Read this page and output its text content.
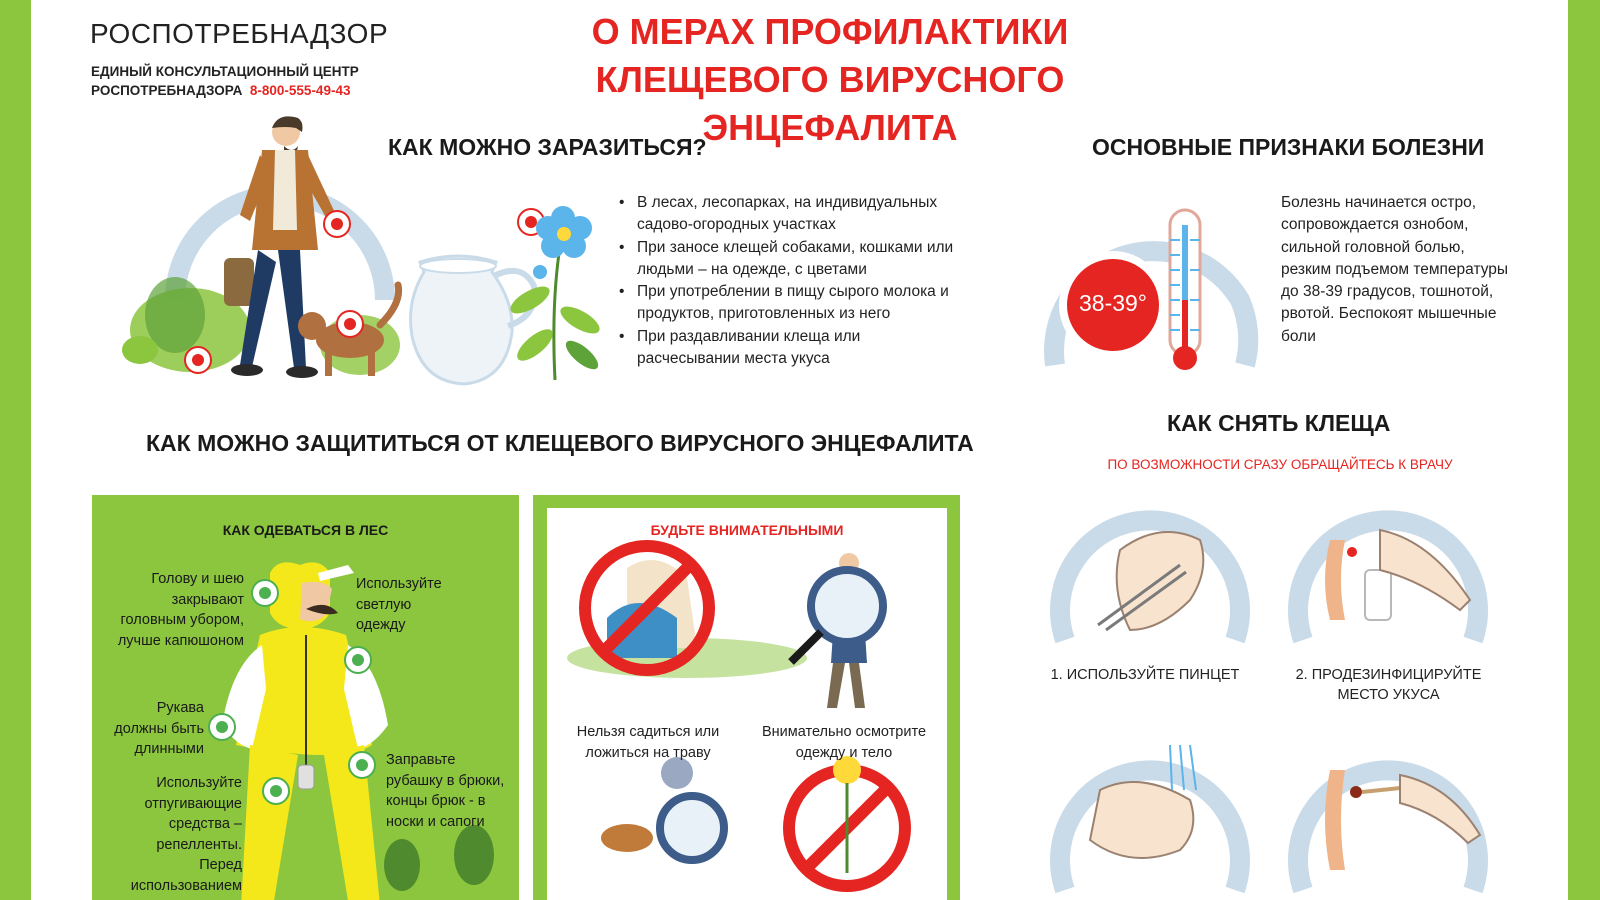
РОСПОТРЕБНАДЗОР
ЕДИНЫЙ КОНСУЛЬТАЦИОННЫЙ ЦЕНТР
РОСПОТРЕБНАДЗОРА 8-800-555-49-43
О МЕРАХ ПРОФИЛАКТИКИ
КЛЕЩЕВОГО ВИРУСНОГО ЭНЦЕФАЛИТА
КАК МОЖНО ЗАРАЗИТЬСЯ?
• В лесах, лесопарках, на индивидуальных садово-огородных участках
• При заносе клещей собаками, кошками или людьми – на одежде, с цветами
• При употреблении в пищу сырого молока и продуктов, приготовленных из него
• При раздавливании клеща или расчесывании места укуса
ОСНОВНЫЕ ПРИЗНАКИ БОЛЕЗНИ
38-39°
Болезнь начинается остро, сопровождается ознобом, сильной головной болью, резким подъемом температуры до 38-39 градусов, тошнотой, рвотой. Беспокоят мышечные боли
КАК МОЖНО ЗАЩИТИТЬСЯ ОТ КЛЕЩЕВОГО ВИРУСНОГО ЭНЦЕФАЛИТА
КАК ОДЕВАТЬСЯ В ЛЕС
Голову и шею закрывают головным убором, лучше капюшоном
Используйте светлую одежду
Рукава должны быть длинными
Заправьте рубашку в брюки, концы брюк - в носки и сапоги
Используйте отпугивающие средства – репелленты. Перед использованием
БУДЬТЕ ВНИМАТЕЛЬНЫМИ
Нельзя садиться или ложиться на траву
Внимательно осмотрите одежду и тело
КАК СНЯТЬ КЛЕЩА
ПО ВОЗМОЖНОСТИ СРАЗУ ОБРАЩАЙТЕСЬ К ВРАЧУ
1. ИСПОЛЬЗУЙТЕ ПИНЦЕТ	2. ПРОДЕЗИНФИЦИРУЙТЕ МЕСТО УКУСА
